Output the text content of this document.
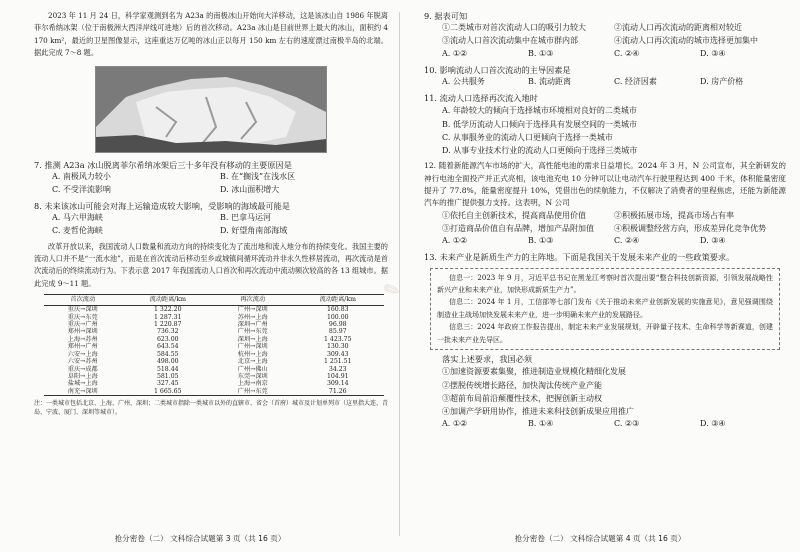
✎

2023 年 11 月 24 日，科学家观测到名为 A23a 的南极冰山开始向大洋移动，这是该冰山自 1986 年脱离菲尔希纳冰架（位于南极洲大西洋岸线可进地）后的首次移动。A23a 冰山是目前世界上最大的冰山，面积约 4 170 km²，最近的卫星图像显示，这座重达万亿吨的冰山正以每月 150 km 左右的速度漂过南极半岛的北端。据此完成 7～8 题。

7. 推测 A23a 冰山脱离菲尔希纳冰架后三十多年没有移动的主要原因是

A. 南极风力较小	B. 在“搁浅”在浅水区
C. 不受洋流影响	D. 冰山面积增大

8. 未来该冰山可能会对海上运输造成较大影响，受影响的海域最可能是

A. 马六甲海峡	B. 巴拿马运河
C. 麦哲伦海峡	D. 好望角南部海域

改革开放以来，我国流动人口数量和流动方向的持续变化为了流出地和流入地分布的持续变化。我国主要的流动人口并不是“一流水池”，而是在首次流动后移动至乡或城镇间循环流动并非永久性移居流动，再次流动是首次流动后的终续流动行为。下表示意 2017 年我国流动人口首次和再次流动中流动频次较高的各 13 组城市。据此完成 9～11 题。

首次流动	流动距离/km	再次流动	流动距离/km
重庆→深圳	1 322.20	广州→深圳	160.83
重庆→东莞	1 287.31	苏州→上海	100.00
重庆→广州	1 220.87	深圳→广州	96.98
郑州→深圳	736.32	广州→东莞	85.97
上海→苏州	623.00	深圳→上海	1 423.75
郑州→广州	643.54	广州→深圳	130.30
六安→上海	584.55	杭州→上海	309.43
六安→苏州	498.00	北京→上海	1 251.51
重庆→成都	518.44	广州→佛山	34.23
阜阳→上海	581.05	东莞→深圳	104.91
盐城→上海	327.45	上海→南京	309.14
南充→深圳	1 665.65	广州→东莞	71.26

注：一类城市包括北京、上海、广州、深圳；二类城市指除一类城市以外的直辖市、省会（首府）城市及计划单列市（这里指大连、青岛、宁波、厦门、深圳等城市）。

抢分密卷（二） 文科综合试题第 3 页（共 16 页）

9. 据表可知

①二类城市对首次流动人口的吸引力较大	②流动人口再次流动的距离相对较近
③流动人口首次流动集中在城市群内部	④流动人口再次流动的城市选择更加集中
A. ①②	B. ①③	C. ②④	D. ③④

10. 影响流动人口首次流动的主导因素是

A. 公共服务	B. 流动距离	C. 经济因素	D. 房产价格

11. 流动人口选择再次流入地时

A. 年龄较大的倾向于选择城市环境相对良好的二类城市

B. 低学历流动人口倾向于选择具有发展空间的一类城市

C. 从事服务业的流动人口更倾向于选择一类城市

D. 从事专业技术行业的流动人口更倾向于选择三类城市

12. 随着新能源汽车市场的扩大，高性能电池的需求日益增长。2024 年 3 月，N 公司宣布，其全新研发的神行电池全面投产并正式亮相，该电池充电 10 分钟可以让电动汽车行驶里程达到 400 千米，体积能量密度提升了 77.8%，能量密度提升 10%，凭借出色的续航能力，不仅解决了消费者的里程焦虑，还能为新能源汽车的推广提供强力支持。这表明，N 公司

①依托自主创新技术，提高商品使用价值	②积极拓展市场，提高市场占有率
③打造商品价值自有品牌，增加产品附加值	④积极调整经营方向，形成差异化竞争优势
A. ①②	B. ①③	C. ②④	D. ③④

13. 未来产业是新质生产力的主阵地。下面是我国关于发展未来产业的一些政策要求。

信息一：2023 年 9 月，习近平总书记在黑龙江考察时首次提出要“整合科技创新资源，引领发展战略性新兴产业和未来产业，加快形成新质生产力”。

信息二：2024 年 1 月，工信部等七部门发布《关于推动未来产业创新发展的实施意见》，意见强调围绕制造业主战场加快发展未来产业，进一步明确未来产业的发展路径。

信息三：2024 年政府工作报告提出，制定未来产业发展规划，开辟量子技术、生命科学等新赛道，创建一批未来产业先导区。

落实上述要求，我国必须

①加速资源要素集聚，推进制造业规模化精细化发展

②摆脱传统增长路径，加快淘汰传统产业产能

③超前布局前沿颠覆性技术，把握创新主动权

④加调产学研用协作，推进未来科技创新成果应用推广

A. ①②	B. ①④	C. ②③	D. ③④
抢分密卷（二） 文科综合试题第 4 页（共 16 页）
